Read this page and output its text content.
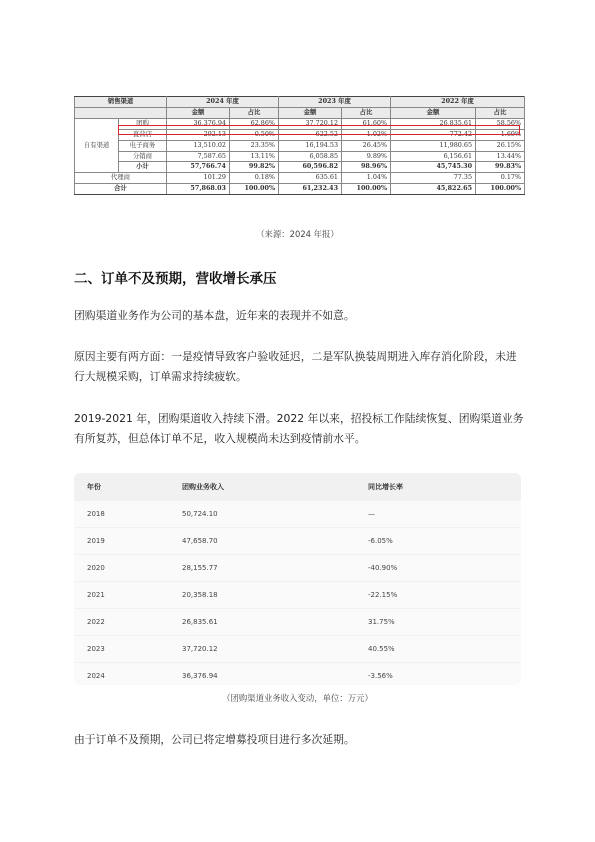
销售渠道		2024 年度		2023 年度		2022 年度	
		金额	占比	金额	占比	金额	占比
自有渠道	团购	36,376.94	62.86%	37,720.12	61.60%	26,835.61	58.56%
	直营店	292.13	0.50%	622.52	1.02%	772.42	1.69%
	电子商务	13,510.02	23.35%	16,194.53	26.45%	11,980.65	26.15%
	分销商	7,587.65	13.11%	6,058.85	9.89%	6,156.61	13.44%
	小计	57,766.74	99.82%	60,596.82	98.96%	45,745.30	99.83%
代理商		101.29	0.18%	635.61	1.04%	77.35	0.17%
合计		57,868.03	100.00%	61,232.43	100.00%	45,822.65	100.00%
（来源：2024 年报）
二、订单不及预期，营收增长承压
团购渠道业务作为公司的基本盘，近年来的表现并不如意。
原因主要有两方面：一是疫情导致客户验收延迟，二是军队换装周期进入库存消化阶段，未进行大规模采购，订单需求持续疲软。
2019-2021 年，团购渠道收入持续下滑。2022 年以来，招投标工作陆续恢复、团购渠道业务有所复苏，但总体订单不足，收入规模尚未达到疫情前水平。
年份	团购业务收入	同比增长率
2018	50,724.10	—
2019	47,658.70	-6.05%
2020	28,155.77	-40.90%
2021	20,358.18	-22.15%
2022	26,835.61	31.75%
2023	37,720.12	40.55%
2024	36,376.94	-3.56%
（团购渠道业务收入变动，单位：万元）
由于订单不及预期，公司已将定增募投项目进行多次延期。
